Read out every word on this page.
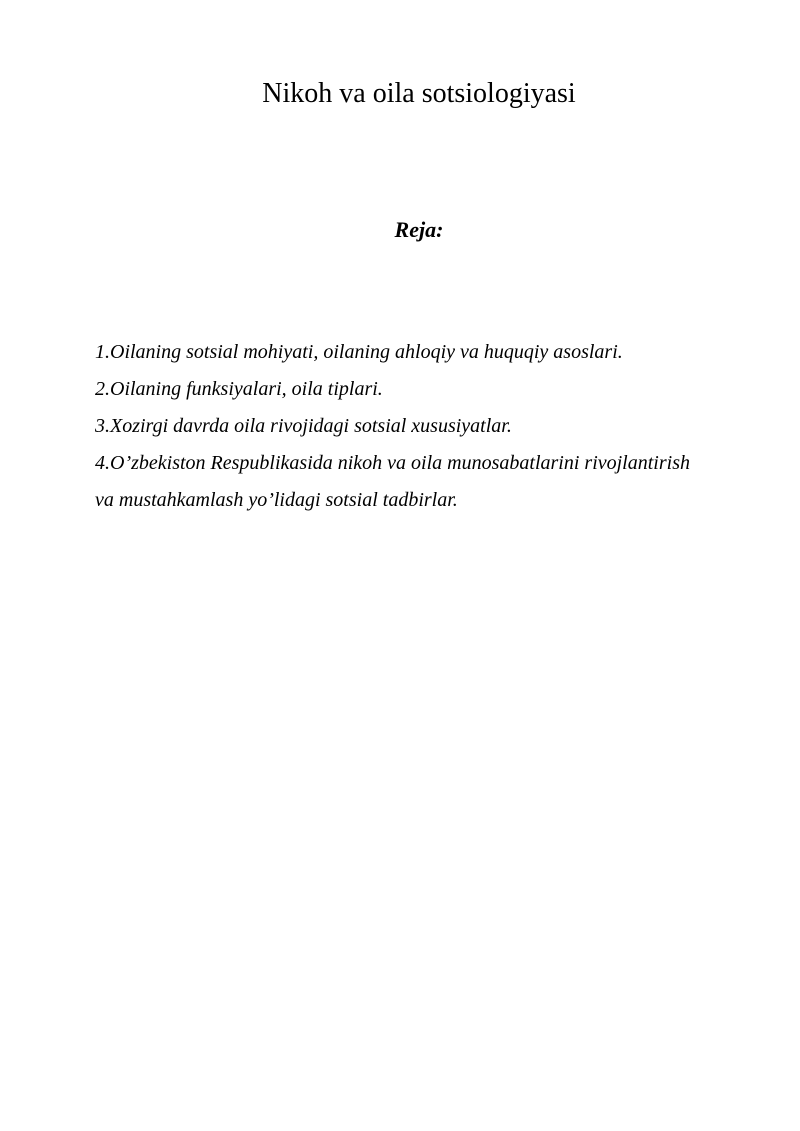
Nikoh va oila sotsiologiyasi
Reja:
1.Oilaning sotsial mohiyati, oilaning ahloqiy va huquqiy asoslari.
2.Oilaning funksiyalari, oila tiplari.
3.Xozirgi davrda oila rivojidagi sotsial xususiyatlar.
4.O’zbekiston Respublikasida nikoh va oila munosabatlarini rivojlantirish
va mustahkamlash yo’lidagi sotsial tadbirlar.
